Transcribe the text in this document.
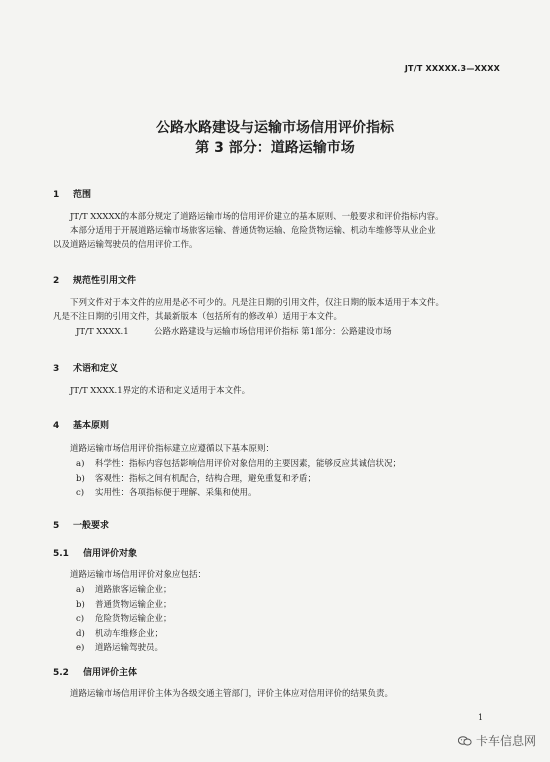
JT/T XXXXX.3—XXXX
公路水路建设与运输市场信用评价指标
第 3 部分：道路运输市场
1 范围
JT/T XXXXX的本部分规定了道路运输市场的信用评价建立的基本原则、一般要求和评价指标内容。
本部分适用于开展道路运输市场旅客运输、普通货物运输、危险货物运输、机动车维修等从业企业
以及道路运输驾驶员的信用评价工作。
2 规范性引用文件
下列文件对于本文件的应用是必不可少的。凡是注日期的引用文件，仅注日期的版本适用于本文件。
凡是不注日期的引用文件，其最新版本（包括所有的修改单）适用于本文件。
JT/T XXXX.1	公路水路建设与运输市场信用评价指标 第1部分：公路建设市场
3 术语和定义
JT/T XXXX.1界定的术语和定义适用于本文件。
4 基本原则
道路运输市场信用评价指标建立应遵循以下基本原则：
a)	科学性：指标内容包括影响信用评价对象信用的主要因素，能够反应其诚信状况；
b)	客观性：指标之间有机配合，结构合理，避免重复和矛盾；
c)	实用性：各项指标便于理解、采集和使用。
5 一般要求
5.1 信用评价对象
道路运输市场信用评价对象应包括：
a)	道路旅客运输企业；
b)	普通货物运输企业；
c)	危险货物运输企业；
d)	机动车维修企业；
e)	道路运输驾驶员。
5.2 信用评价主体
道路运输市场信用评价主体为各级交通主管部门，评价主体应对信用评价的结果负责。
1
卡车信息网
